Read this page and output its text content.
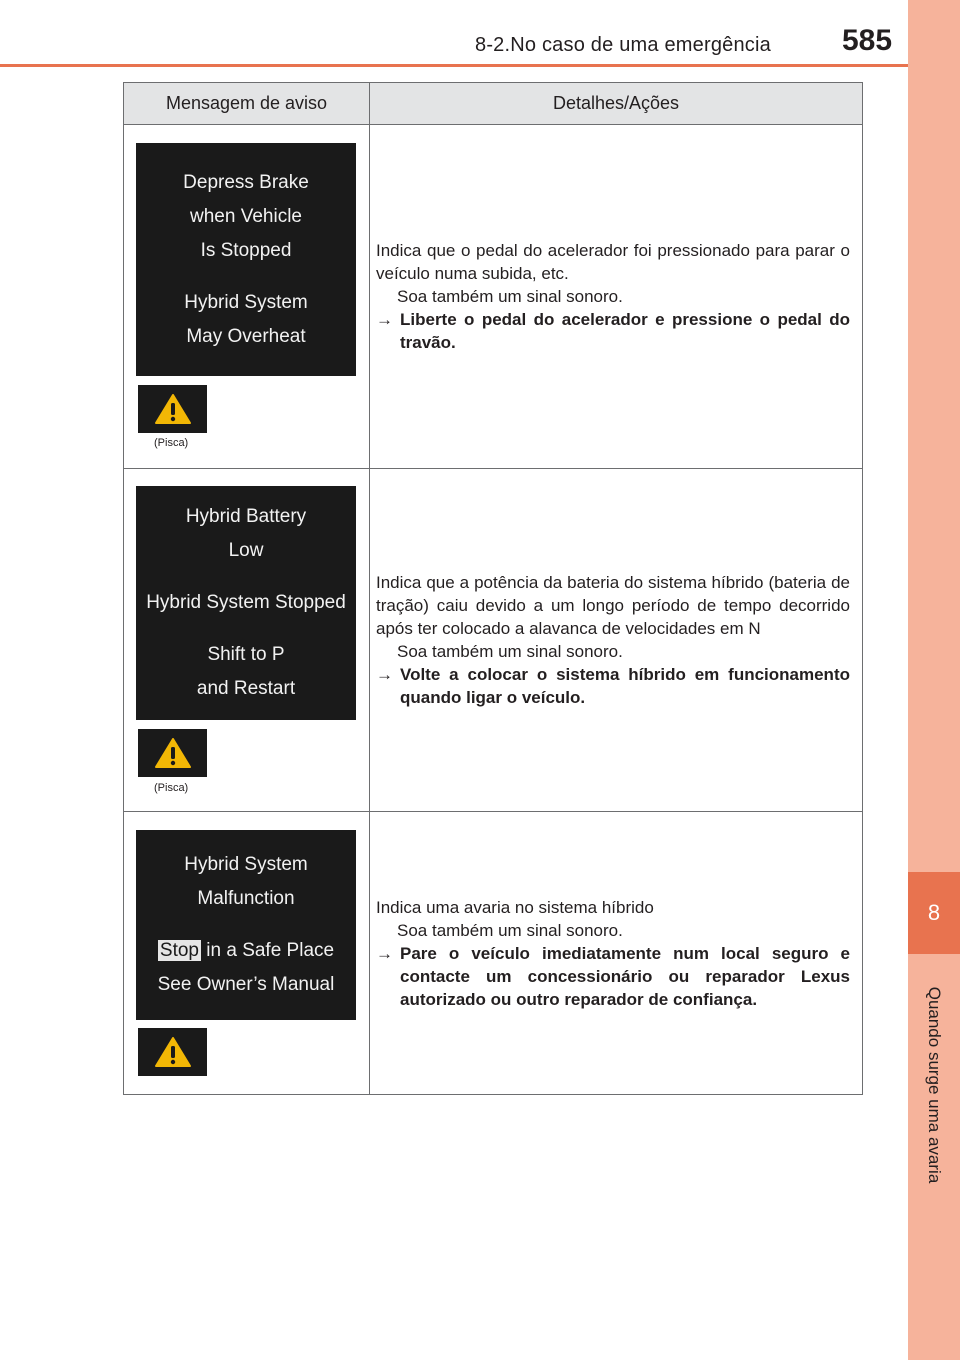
8-2.No caso de uma emergência 585
8
Quando surge uma avaria
Mensagem de aviso	Detalhes/Ações
Depress Brake
when Vehicle
Is Stopped
Hybrid System
May Overheat
(Pisca)

Indica que o pedal do acelerador foi pressionado para parar o veículo numa subida, etc.

Soa também um sinal sonoro.

→ Liberte o pedal do acelerador e pressione o pedal do travão.
Hybrid Battery
Low
Hybrid System Stopped
Shift to P
and Restart
(Pisca)

Indica que a potência da bateria do sistema híbrido (bateria de tração) caiu devido a um longo período de tempo decorrido após ter colocado a alavanca de velocidades em N

Soa também um sinal sonoro.

→ Volte a colocar o sistema híbrido em funcionamento quando ligar o veículo.
Hybrid System
Malfunction
Stop in a Safe Place
See Owner’s Manual

Indica uma avaria no sistema híbrido

Soa também um sinal sonoro.

→ Pare o veículo imediatamente num local seguro e contacte um concessionário ou reparador Lexus autorizado ou outro reparador de confiança.
